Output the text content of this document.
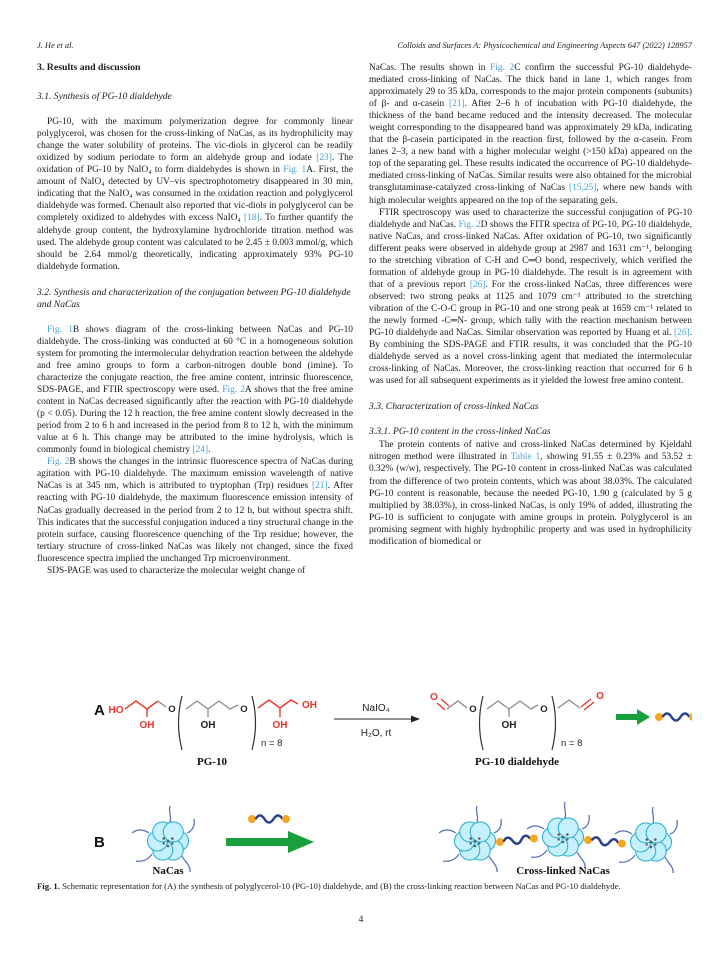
J. He et al.	Colloids and Surfaces A: Physicochemical and Engineering Aspects 647 (2022) 128957
3. Results and discussion
3.1. Synthesis of PG-10 dialdehyde
PG-10, with the maximum polymerization degree for commonly linear polyglycerol, was chosen for the cross-linking of NaCas, as its hydrophilicity may change the water solubility of proteins. The vic-diols in glycerol can be readily oxidized by sodium periodate to form an aldehyde group and iodate [23]. The oxidation of PG-10 by NaIO₄ to form dialdehydes is shown in Fig. 1A. First, the amount of NaIO₄ detected by UV–vis spectrophotometry disappeared in 30 min, indicating that the NaIO₄ was consumed in the oxidation reaction and polyglycerol dialdehyde was formed. Chenault also reported that vic-diols in polyglycerol can be completely oxidized to aldehydes with excess NaIO₄ [18]. To further quantify the aldehyde group content, the hydroxylamine hydrochloride titration method was used. The aldehyde group content was calculated to be 2.45 ± 0.003 mmol/g, which should be 2.64 mmol/g theoretically, indicating approximately 93% PG-10 dialdehyde formation.
3.2. Synthesis and characterization of the conjugation between PG-10 dialdehyde and NaCas
Fig. 1B shows diagram of the cross-linking between NaCas and PG-10 dialdehyde. The cross-linking was conducted at 60 °C in a homogeneous solution system for promoting the intermolecular dehydration reaction between the aldehyde and free amino groups to form a carbon-nitrogen double bond (imine). To characterize the conjugate reaction, the free amine content, intrinsic fluorescence, SDS-PAGE, and FTIR spectroscopy were used. Fig. 2A shows that the free amine content in NaCas decreased significantly after the reaction with PG-10 dialdehyde (p < 0.05). During the 12 h reaction, the free amine content slowly decreased in the period from 2 to 6 h and increased in the period from 8 to 12 h, with the minimum value at 6 h. This change may be attributed to the imine hydrolysis, which is commonly found in biological chemistry [24].
Fig. 2B shows the changes in the intrinsic fluorescence spectra of NaCas during agitation with PG-10 dialdehyde. The maximum emission wavelength of native NaCas is at 345 nm, which is attributed to tryptophan (Trp) residues [21]. After reacting with PG-10 dialdehyde, the maximum fluorescence emission intensity of NaCas gradually decreased in the period from 2 to 12 h, but without spectra shift. This indicates that the successful conjugation induced a tiny structural change in the protein surface, causing fluorescence quenching of the Trp residue; however, the tertiary structure of cross-linked NaCas was likely not changed, since the fixed fluorescence spectra implied the unchanged Trp microenvironment.
SDS-PAGE was used to characterize the molecular weight change of
NaCas. The results shown in Fig. 2C confirm the successful PG-10 dialdehyde-mediated cross-linking of NaCas. The thick band in lane 1, which ranges from approximately 29 to 35 kDa, corresponds to the major protein components (subunits) of β- and α-casein [21]. After 2–6 h of incubation with PG-10 dialdehyde, the thickness of the band became reduced and the intensity decreased. The molecular weight corresponding to the disappeared band was approximately 29 kDa, indicating that the β-casein participated in the reaction first, followed by the α-casein. From lanes 2–3, a new band with a higher molecular weight (>150 kDa) appeared on the top of the separating gel. These results indicated the occurrence of PG-10 dialdehyde-mediated cross-linking of NaCas. Similar results were also obtained for the microbial transglutaminase-catalyzed cross-linking of NaCas [15,25], where new bands with high molecular weights appeared on the top of the separating gels.
FTIR spectroscopy was used to characterize the successful conjugation of PG-10 dialdehyde and NaCas. Fig. 2D shows the FITR spectra of PG-10, PG-10 dialdehyde, native NaCas, and cross-linked NaCas. After oxidation of PG-10, two significantly different peaks were observed in aldehyde group at 2987 and 1631 cm⁻¹, belonging to the stretching vibration of C-H and C═O bond, respectively, which verified the formation of aldehyde group in PG-10 dialdehyde. The result is in agreement with that of a previous report [26]. For the cross-linked NaCas, three differences were observed: two strong peaks at 1125 and 1079 cm⁻¹ attributed to the stretching vibration of the C-O-C group in PG-10 and one strong peak at 1659 cm⁻¹ related to the newly formed -C═N- group, which tally with the reaction mechanism between PG-10 dialdehyde and NaCas. Similar observation was reported by Huang et al. [26]. By combining the SDS-PAGE and FTIR results, it was concluded that the PG-10 dialdehyde served as a novel cross-linking agent that mediated the intermolecular cross-linking of NaCas. Moreover, the cross-linking reaction that occurred for 6 h was used for all subsequent experiments as it yielded the lowest free amino content.
3.3. Characterization of cross-linked NaCas
3.3.1. PG-10 content in the cross-linked NaCas
The protein contents of native and cross-linked NaCas determined by Kjeldahl nitrogen method were illustrated in Table 1, showing 91.55 ± 0.23% and 53.52 ± 0.32% (w/w), respectively. The PG-10 content in cross-linked NaCas was calculated from the difference of two protein contents, which was about 38.03%. The calculated PG-10 content is reasonable, because the needed PG-10, 1.90 g (calculated by 5 g multiplied by 38.03%), in cross-linked NaCas, is only 19% of added, illustrating the PG-10 is sufficient to conjugate with amine groups in protein. Polyglycerol is an promising segment with highly hydrophilic property and was used in hydrophilicity modification of biomedical or
A HO
OH
O
OH
O
n = 8
OH
OH
PG-10
NaIO₄
H₂O, rt
O
O
OH
O
n = 8
O
PG-10 dialdehyde
B
NaCas	Cross-linked NaCas
Fig. 1. Schematic representation for (A) the synthesis of polyglycerol-10 (PG-10) dialdehyde, and (B) the cross-linking reaction between NaCas and PG-10 dialdehyde.
4
